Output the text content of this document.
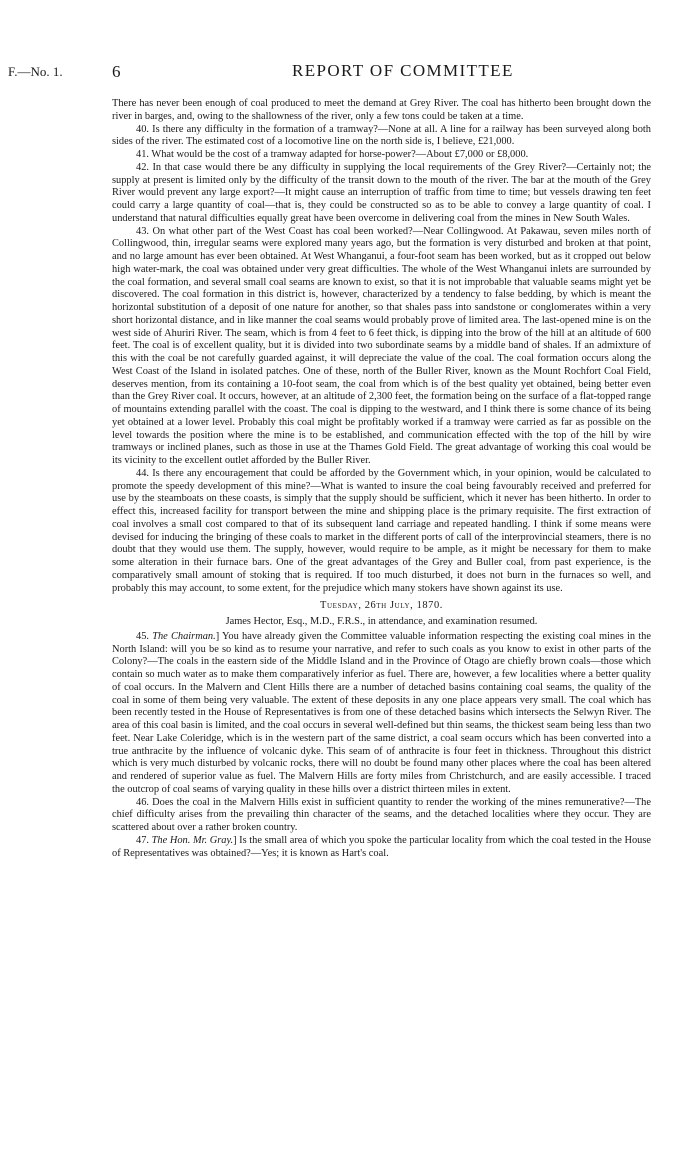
F.—No. 1.	6	REPORT OF COMMITTEE

There has never been enough of coal produced to meet the demand at Grey River. The coal has hitherto been brought down the river in barges, and, owing to the shallowness of the river, only a few tons could be taken at a time.

40. Is there any difficulty in the formation of a tramway?—None at all. A line for a railway has been surveyed along both sides of the river. The estimated cost of a locomotive line on the north side is, I believe, £21,000.

41. What would be the cost of a tramway adapted for horse-power?—About £7,000 or £8,000.

42. In that case would there be any difficulty in supplying the local requirements of the Grey River?—Certainly not; the supply at present is limited only by the difficulty of the transit down to the mouth of the river. The bar at the mouth of the Grey River would prevent any large export?—It might cause an interruption of traffic from time to time; but vessels drawing ten feet could carry a large quantity of coal—that is, they could be constructed so as to be able to convey a large quantity of coal. I understand that natural difficulties equally great have been overcome in delivering coal from the mines in New South Wales.

43. On what other part of the West Coast has coal been worked?—Near Collingwood. At Pakawau, seven miles north of Collingwood, thin, irregular seams were explored many years ago, but the formation is very disturbed and broken at that point, and no large amount has ever been obtained. At West Whanganui, a four-foot seam has been worked, but as it cropped out below high water-mark, the coal was obtained under very great difficulties. The whole of the West Whanganui inlets are surrounded by the coal formation, and several small coal seams are known to exist, so that it is not improbable that valuable seams might yet be discovered. The coal formation in this district is, however, characterized by a tendency to false bedding, by which is meant the horizontal substitution of a deposit of one nature for another, so that shales pass into sandstone or conglomerates within a very short horizontal distance, and in like manner the coal seams would probably prove of limited area. The last-opened mine is on the west side of Ahuriri River. The seam, which is from 4 feet to 6 feet thick, is dipping into the brow of the hill at an altitude of 600 feet. The coal is of excellent quality, but it is divided into two subordinate seams by a middle band of shales. If an admixture of this with the coal be not carefully guarded against, it will depreciate the value of the coal. The coal formation occurs along the West Coast of the Island in isolated patches. One of these, north of the Buller River, known as the Mount Rochfort Coal Field, deserves mention, from its containing a 10-foot seam, the coal from which is of the best quality yet obtained, being better even than the Grey River coal. It occurs, however, at an altitude of 2,300 feet, the formation being on the surface of a flat-topped range of mountains extending parallel with the coast. The coal is dipping to the westward, and I think there is some chance of its being yet obtained at a lower level. Probably this coal might be profitably worked if a tramway were carried as far as possible on the level towards the position where the mine is to be established, and communication effected with the top of the hill by wire tramways or inclined planes, such as those in use at the Thames Gold Field. The great advantage of working this coal would be its vicinity to the excellent outlet afforded by the Buller River.

44. Is there any encouragement that could be afforded by the Government which, in your opinion, would be calculated to promote the speedy development of this mine?—What is wanted to insure the coal being favourably received and preferred for use by the steamboats on these coasts, is simply that the supply should be sufficient, which it never has been hitherto. In order to effect this, increased facility for transport between the mine and shipping place is the primary requisite. The first extraction of coal involves a small cost compared to that of its subsequent land carriage and repeated handling. I think if some means were devised for inducing the bringing of these coals to market in the different ports of call of the interprovincial steamers, there is no doubt that they would use them. The supply, however, would require to be ample, as it might be necessary for them to make some alteration in their furnace bars. One of the great advantages of the Grey and Buller coal, from past experience, is the comparatively small amount of stoking that is required. If too much disturbed, it does not burn in the furnaces so well, and probably this may account, to some extent, for the prejudice which many stokers have shown against its use.

Tuesday, 26th July, 1870.

James Hector, Esq., M.D., F.R.S., in attendance, and examination resumed.

45. The Chairman.] You have already given the Committee valuable information respecting the existing coal mines in the North Island: will you be so kind as to resume your narrative, and refer to such coals as you know to exist in other parts of the Colony?—The coals in the eastern side of the Middle Island and in the Province of Otago are chiefly brown coals—those which contain so much water as to make them comparatively inferior as fuel. There are, however, a few localities where a better quality of coal occurs. In the Malvern and Clent Hills there are a number of detached basins containing coal seams, the quality of the coal in some of them being very valuable. The extent of these deposits in any one place appears very small. The coal which has been recently tested in the House of Representatives is from one of these detached basins which intersects the Selwyn River. The area of this coal basin is limited, and the coal occurs in several well-defined but thin seams, the thickest seam being less than two feet. Near Lake Coleridge, which is in the western part of the same district, a coal seam occurs which has been converted into a true anthracite by the influence of volcanic dyke. This seam of of anthracite is four feet in thickness. Throughout this district which is very much disturbed by volcanic rocks, there will no doubt be found many other places where the coal has been altered and rendered of superior value as fuel. The Malvern Hills are forty miles from Christchurch, and are easily accessible. I traced the outcrop of coal seams of varying quality in these hills over a district thirteen miles in extent.

46. Does the coal in the Malvern Hills exist in sufficient quantity to render the working of the mines remunerative?—The chief difficulty arises from the prevailing thin character of the seams, and the detached localities where they occur. They are scattered about over a rather broken country.

47. The Hon. Mr. Gray.] Is the small area of which you spoke the particular locality from which the coal tested in the House of Representatives was obtained?—Yes; it is known as Hart's coal.
